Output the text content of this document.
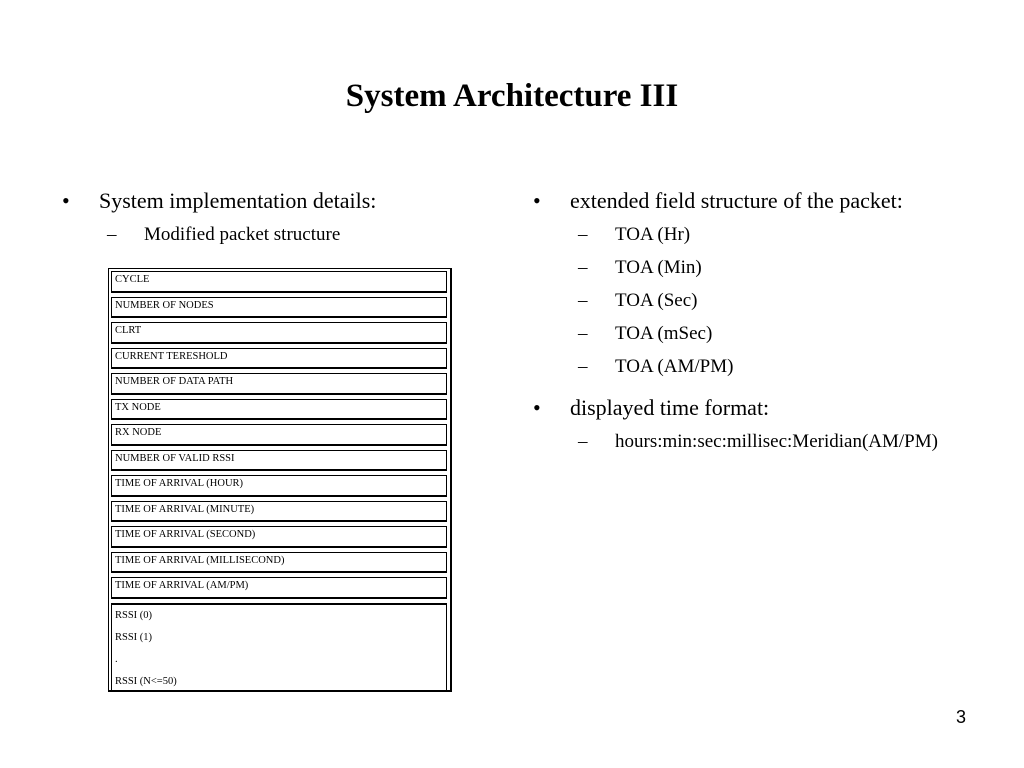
System Architecture III
•	System implementation details:
–	Modified packet structure
CYCLE
NUMBER OF NODES
CLRT
CURRENT TERESHOLD
NUMBER OF DATA PATH
TX NODE
RX NODE
NUMBER OF VALID RSSI
TIME OF ARRIVAL (HOUR)
TIME OF ARRIVAL (MINUTE)
TIME OF ARRIVAL (SECOND)
TIME OF ARRIVAL (MILLISECOND)
TIME OF ARRIVAL (AM/PM)
RSSI (0)
RSSI (1)
.
RSSI (N<=50)
•	extended field structure of the packet:
–	TOA (Hr)
–	TOA (Min)
–	TOA (Sec)
–	TOA (mSec)
–	TOA (AM/PM)
•	displayed time format:
–	hours:min:sec:millisec:Meridian(AM/PM)
3
